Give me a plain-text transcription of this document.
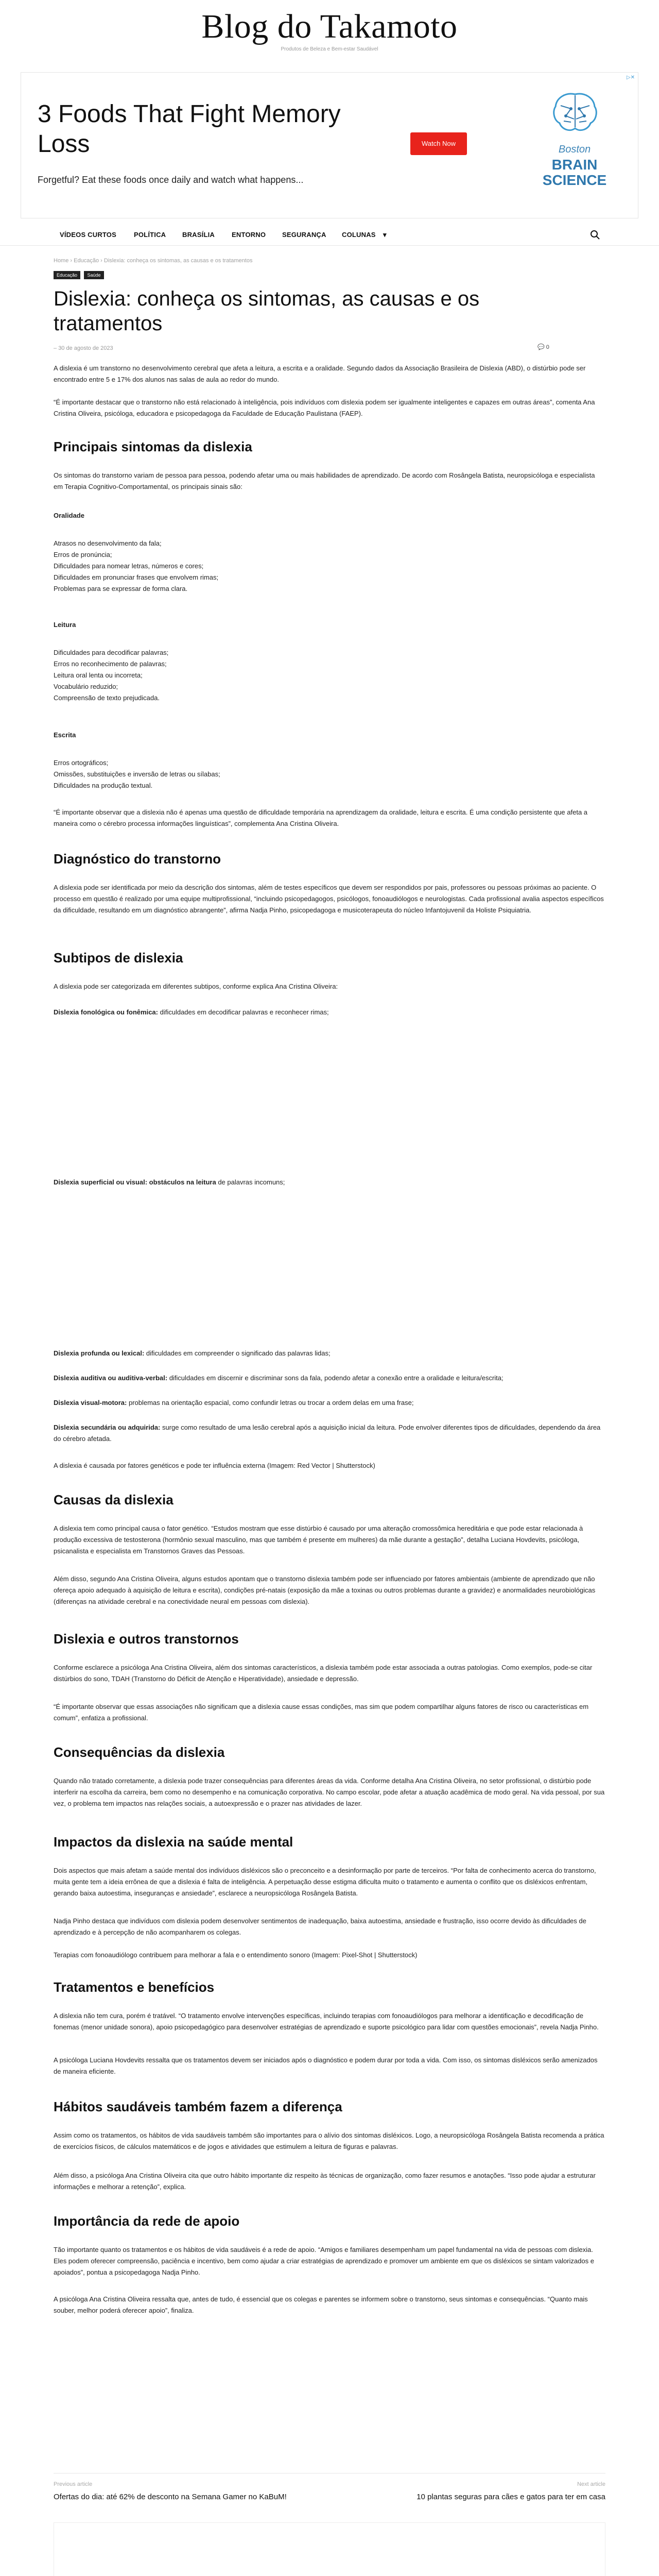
Blog do Takamoto
Produtos de Beleza e Bem-estar Saudável
▷✕
3 Foods That Fight Memory Loss
Forgetful? Eat these foods once daily and watch what happens...
Watch Now
Boston
BRAIN SCIENCE
VÍDEOS CURTOS	POLÍTICA BRASÍLIA	ENTORNO SEGURANÇA COLUNAS ▾
Home › Educação › Dislexia: conheça os sintomas, as causas e os tratamentos
Educação Saúde
Dislexia: conheça os sintomas, as causas e os tratamentos
– 30 de agosto de 2023	💬 0
A dislexia é um transtorno no desenvolvimento cerebral que afeta a leitura, a escrita e a oralidade. Segundo dados da Associação Brasileira de Dislexia (ABD), o distúrbio pode ser encontrado entre 5 e 17% dos alunos nas salas de aula ao redor do mundo.
“É importante destacar que o transtorno não está relacionado à inteligência, pois indivíduos com dislexia podem ser igualmente inteligentes e capazes em outras áreas”, comenta Ana Cristina Oliveira, psicóloga, educadora e psicopedagoga da Faculdade de Educação Paulistana (FAEP).
Principais sintomas da dislexia
Os sintomas do transtorno variam de pessoa para pessoa, podendo afetar uma ou mais habilidades de aprendizado. De acordo com Rosângela Batista, neuropsicóloga e especialista em Terapia Cognitivo-Comportamental, os principais sinais são:
Oralidade
Atrasos no desenvolvimento da fala;
Erros de pronúncia;
Dificuldades para nomear letras, números e cores;
Dificuldades em pronunciar frases que envolvem rimas;
Problemas para se expressar de forma clara.
Leitura
Dificuldades para decodificar palavras;
Erros no reconhecimento de palavras;
Leitura oral lenta ou incorreta;
Vocabulário reduzido;
Compreensão de texto prejudicada.
Escrita
Erros ortográficos;
Omissões, substituições e inversão de letras ou sílabas;
Dificuldades na produção textual.
“É importante observar que a dislexia não é apenas uma questão de dificuldade temporária na aprendizagem da oralidade, leitura e escrita. É uma condição persistente que afeta a maneira como o cérebro processa informações linguísticas”, complementa Ana Cristina Oliveira.
Diagnóstico do transtorno
A dislexia pode ser identificada por meio da descrição dos sintomas, além de testes específicos que devem ser respondidos por pais, professores ou pessoas próximas ao paciente. O processo em questão é realizado por uma equipe multiprofissional, “incluindo psicopedagogos, psicólogos, fonoaudiólogos e neurologistas. Cada profissional avalia aspectos específicos da dificuldade, resultando em um diagnóstico abrangente”, afirma Nadja Pinho, psicopedagoga e musicoterapeuta do núcleo Infantojuvenil da Holiste Psiquiatria.
Subtipos de dislexia
A dislexia pode ser categorizada em diferentes subtipos, conforme explica Ana Cristina Oliveira:
Dislexia fonológica ou fonêmica: dificuldades em decodificar palavras e reconhecer rimas;
Dislexia superficial ou visual: obstáculos na leitura de palavras incomuns;
Dislexia profunda ou lexical: dificuldades em compreender o significado das palavras lidas;
Dislexia auditiva ou auditiva-verbal: dificuldades em discernir e discriminar sons da fala, podendo afetar a conexão entre a oralidade e leitura/escrita;
Dislexia visual-motora: problemas na orientação espacial, como confundir letras ou trocar a ordem delas em uma frase;
Dislexia secundária ou adquirida: surge como resultado de uma lesão cerebral após a aquisição inicial da leitura. Pode envolver diferentes tipos de dificuldades, dependendo da área do cérebro afetada.
A dislexia é causada por fatores genéticos e pode ter influência externa (Imagem: Red Vector | Shutterstock)
Causas da dislexia
A dislexia tem como principal causa o fator genético. “Estudos mostram que esse distúrbio é causado por uma alteração cromossômica hereditária e que pode estar relacionada à produção excessiva de testosterona (hormônio sexual masculino, mas que também é presente em mulheres) da mãe durante a gestação”, detalha Luciana Hovdevits, psicóloga, psicanalista e especialista em Transtornos Graves das Pessoas.
Além disso, segundo Ana Cristina Oliveira, alguns estudos apontam que o transtorno dislexia também pode ser influenciado por fatores ambientais (ambiente de aprendizado que não ofereça apoio adequado à aquisição de leitura e escrita), condições pré-natais (exposição da mãe a toxinas ou outros problemas durante a gravidez) e anormalidades neurobiológicas (diferenças na atividade cerebral e na conectividade neural em pessoas com dislexia).
Dislexia e outros transtornos
Conforme esclarece a psicóloga Ana Cristina Oliveira, além dos sintomas característicos, a dislexia também pode estar associada a outras patologias. Como exemplos, pode-se citar distúrbios do sono, TDAH (Transtorno do Déficit de Atenção e Hiperatividade), ansiedade e depressão.
“É importante observar que essas associações não significam que a dislexia cause essas condições, mas sim que podem compartilhar alguns fatores de risco ou características em comum”, enfatiza a profissional.
Consequências da dislexia
Quando não tratado corretamente, a dislexia pode trazer consequências para diferentes áreas da vida. Conforme detalha Ana Cristina Oliveira, no setor profissional, o distúrbio pode interferir na escolha da carreira, bem como no desempenho e na comunicação corporativa. No campo escolar, pode afetar a atuação acadêmica de modo geral. Na vida pessoal, por sua vez, o problema tem impactos nas relações sociais, a autoexpressão e o prazer nas atividades de lazer.
Impactos da dislexia na saúde mental
Dois aspectos que mais afetam a saúde mental dos indivíduos disléxicos são o preconceito e a desinformação por parte de terceiros. “Por falta de conhecimento acerca do transtorno, muita gente tem a ideia errônea de que a dislexia é falta de inteligência. A perpetuação desse estigma dificulta muito o tratamento e aumenta o conflito que os disléxicos enfrentam, gerando baixa autoestima, inseguranças e ansiedade”, esclarece a neuropsicóloga Rosângela Batista.
Nadja Pinho destaca que indivíduos com dislexia podem desenvolver sentimentos de inadequação, baixa autoestima, ansiedade e frustração, isso ocorre devido às dificuldades de aprendizado e à percepção de não acompanharem os colegas.
Terapias com fonoaudiólogo contribuem para melhorar a fala e o entendimento sonoro (Imagem: Pixel-Shot | Shutterstock)
Tratamentos e benefícios
A dislexia não tem cura, porém é tratável. “O tratamento envolve intervenções específicas, incluindo terapias com fonoaudiólogos para melhorar a identificação e decodificação de fonemas (menor unidade sonora), apoio psicopedagógico para desenvolver estratégias de aprendizado e suporte psicológico para lidar com questões emocionais”, revela Nadja Pinho.
A psicóloga Luciana Hovdevits ressalta que os tratamentos devem ser iniciados após o diagnóstico e podem durar por toda a vida. Com isso, os sintomas disléxicos serão amenizados de maneira eficiente.
Hábitos saudáveis também fazem a diferença
Assim como os tratamentos, os hábitos de vida saudáveis também são importantes para o alívio dos sintomas disléxicos. Logo, a neuropsicóloga Rosângela Batista recomenda a prática de exercícios físicos, de cálculos matemáticos e de jogos e atividades que estimulem a leitura de figuras e palavras.
Além disso, a psicóloga Ana Cristina Oliveira cita que outro hábito importante diz respeito às técnicas de organização, como fazer resumos e anotações. “Isso pode ajudar a estruturar informações e melhorar a retenção”, explica.
Importância da rede de apoio
Tão importante quanto os tratamentos e os hábitos de vida saudáveis é a rede de apoio. “Amigos e familiares desempenham um papel fundamental na vida de pessoas com dislexia. Eles podem oferecer compreensão, paciência e incentivo, bem como ajudar a criar estratégias de aprendizado e promover um ambiente em que os disléxicos se sintam valorizados e apoiados”, pontua a psicopedagoga Nadja Pinho.
A psicóloga Ana Cristina Oliveira ressalta que, antes de tudo, é essencial que os colegas e parentes se informem sobre o transtorno, seus sintomas e consequências. “Quanto mais souber, melhor poderá oferecer apoio”, finaliza.
Previous article	Next article
Ofertas do dia: até 62% de desconto na Semana Gamer no KaBuM!	10 plantas seguras para cães e gatos para ter em casa
